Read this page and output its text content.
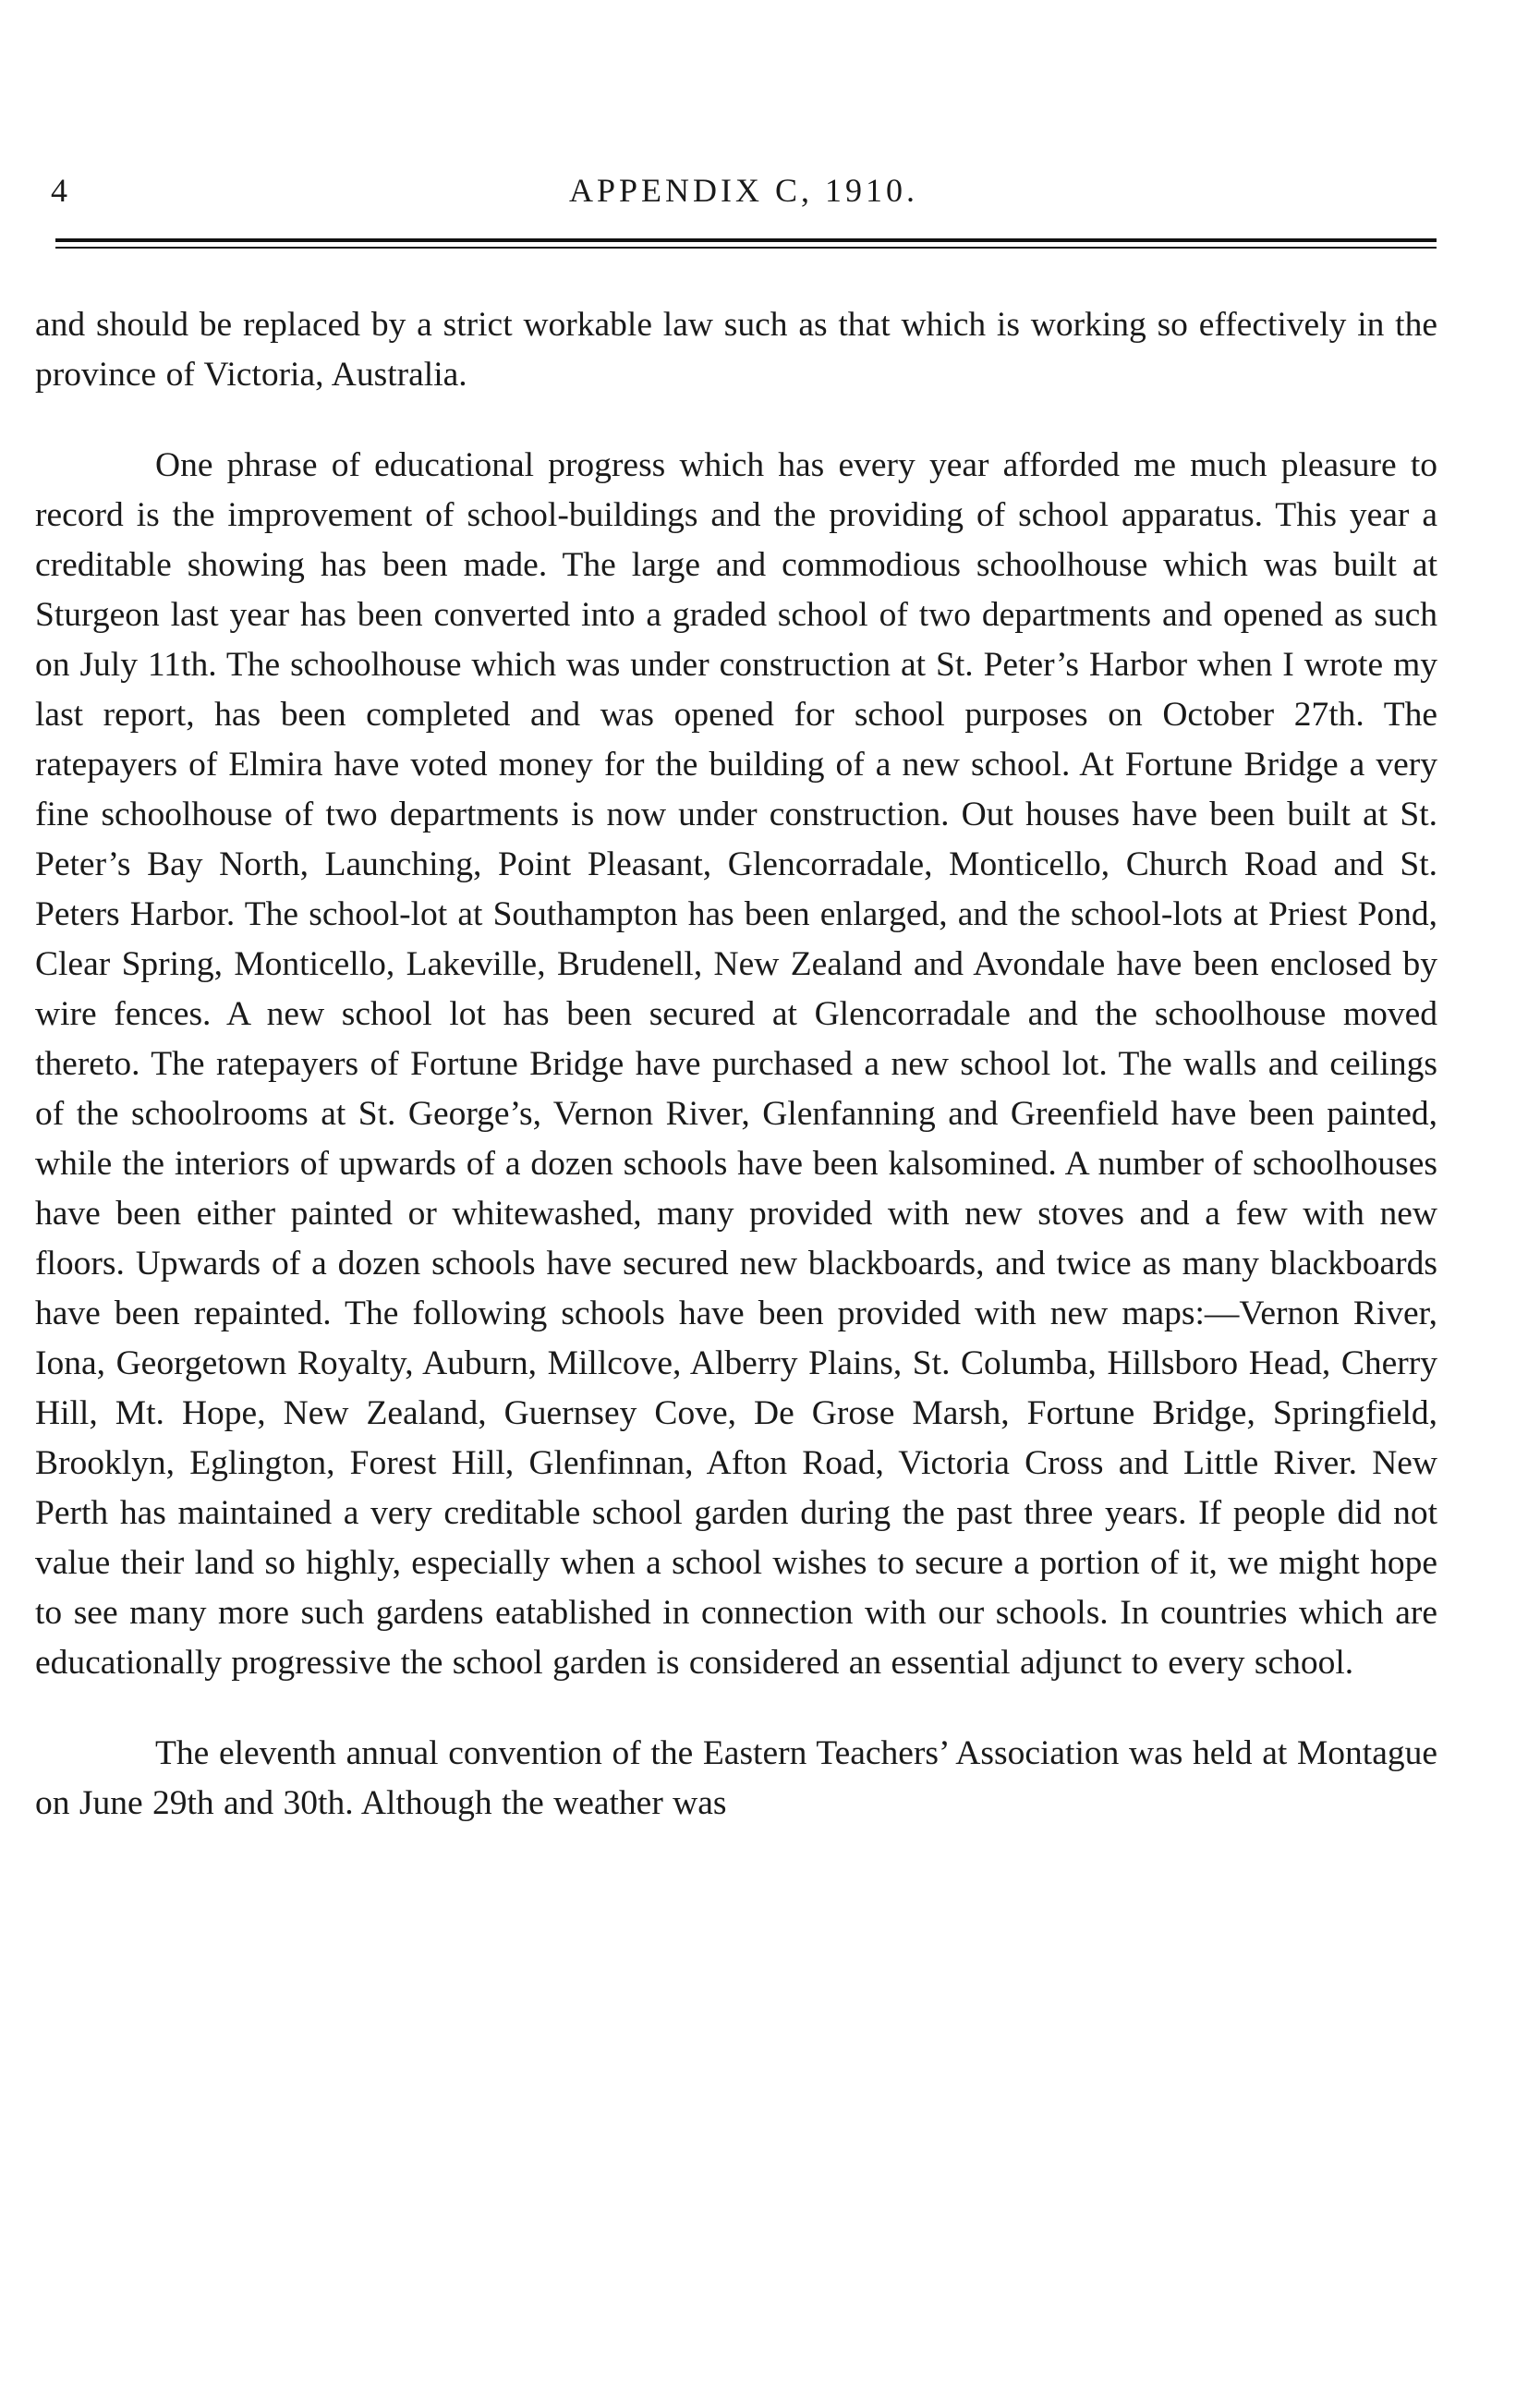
4	APPENDIX C, 1910.

and should be replaced by a strict workable law such as that which is working so effectively in the province of Victoria, Australia.

One phrase of educational progress which has every year afforded me much pleasure to record is the improvement of school-buildings and the providing of school apparatus. This year a creditable showing has been made. The large and commodious schoolhouse which was built at Sturgeon last year has been converted into a graded school of two departments and opened as such on July 11th. The schoolhouse which was under construction at St. Peter’s Harbor when I wrote my last report, has been completed and was opened for school purposes on October 27th. The ratepayers of Elmira have voted money for the building of a new school. At Fortune Bridge a very fine schoolhouse of two departments is now under construction. Out houses have been built at St. Peter’s Bay North, Launching, Point Pleasant, Glencorradale, Monticello, Church Road and St. Peters Harbor. The school-lot at Southampton has been enlarged, and the school-lots at Priest Pond, Clear Spring, Monticello, Lakeville, Brudenell, New Zealand and Avondale have been enclosed by wire fences. A new school lot has been secured at Glencorradale and the schoolhouse moved thereto. The ratepayers of Fortune Bridge have purchased a new school lot. The walls and ceilings of the schoolrooms at St. George’s, Vernon River, Glenfanning and Greenfield have been painted, while the interiors of upwards of a dozen schools have been kalsomined. A number of schoolhouses have been either painted or whitewashed, many provided with new stoves and a few with new floors. Upwards of a dozen schools have secured new blackboards, and twice as many blackboards have been repainted. The following schools have been provided with new maps:—Vernon River, Iona, Georgetown Royalty, Auburn, Millcove, Alberry Plains, St. Columba, Hillsboro Head, Cherry Hill, Mt. Hope, New Zealand, Guernsey Cove, De Grose Marsh, Fortune Bridge, Springfield, Brooklyn, Eglington, Forest Hill, Glenfinnan, Afton Road, Victoria Cross and Little River. New Perth has maintained a very creditable school garden during the past three years. If people did not value their land so highly, especially when a school wishes to secure a portion of it, we might hope to see many more such gardens eatablished in connection with our schools. In countries which are educationally progressive the school garden is considered an essential adjunct to every school.

The eleventh annual convention of the Eastern Teachers’ Association was held at Montague on June 29th and 30th. Although the weather was
